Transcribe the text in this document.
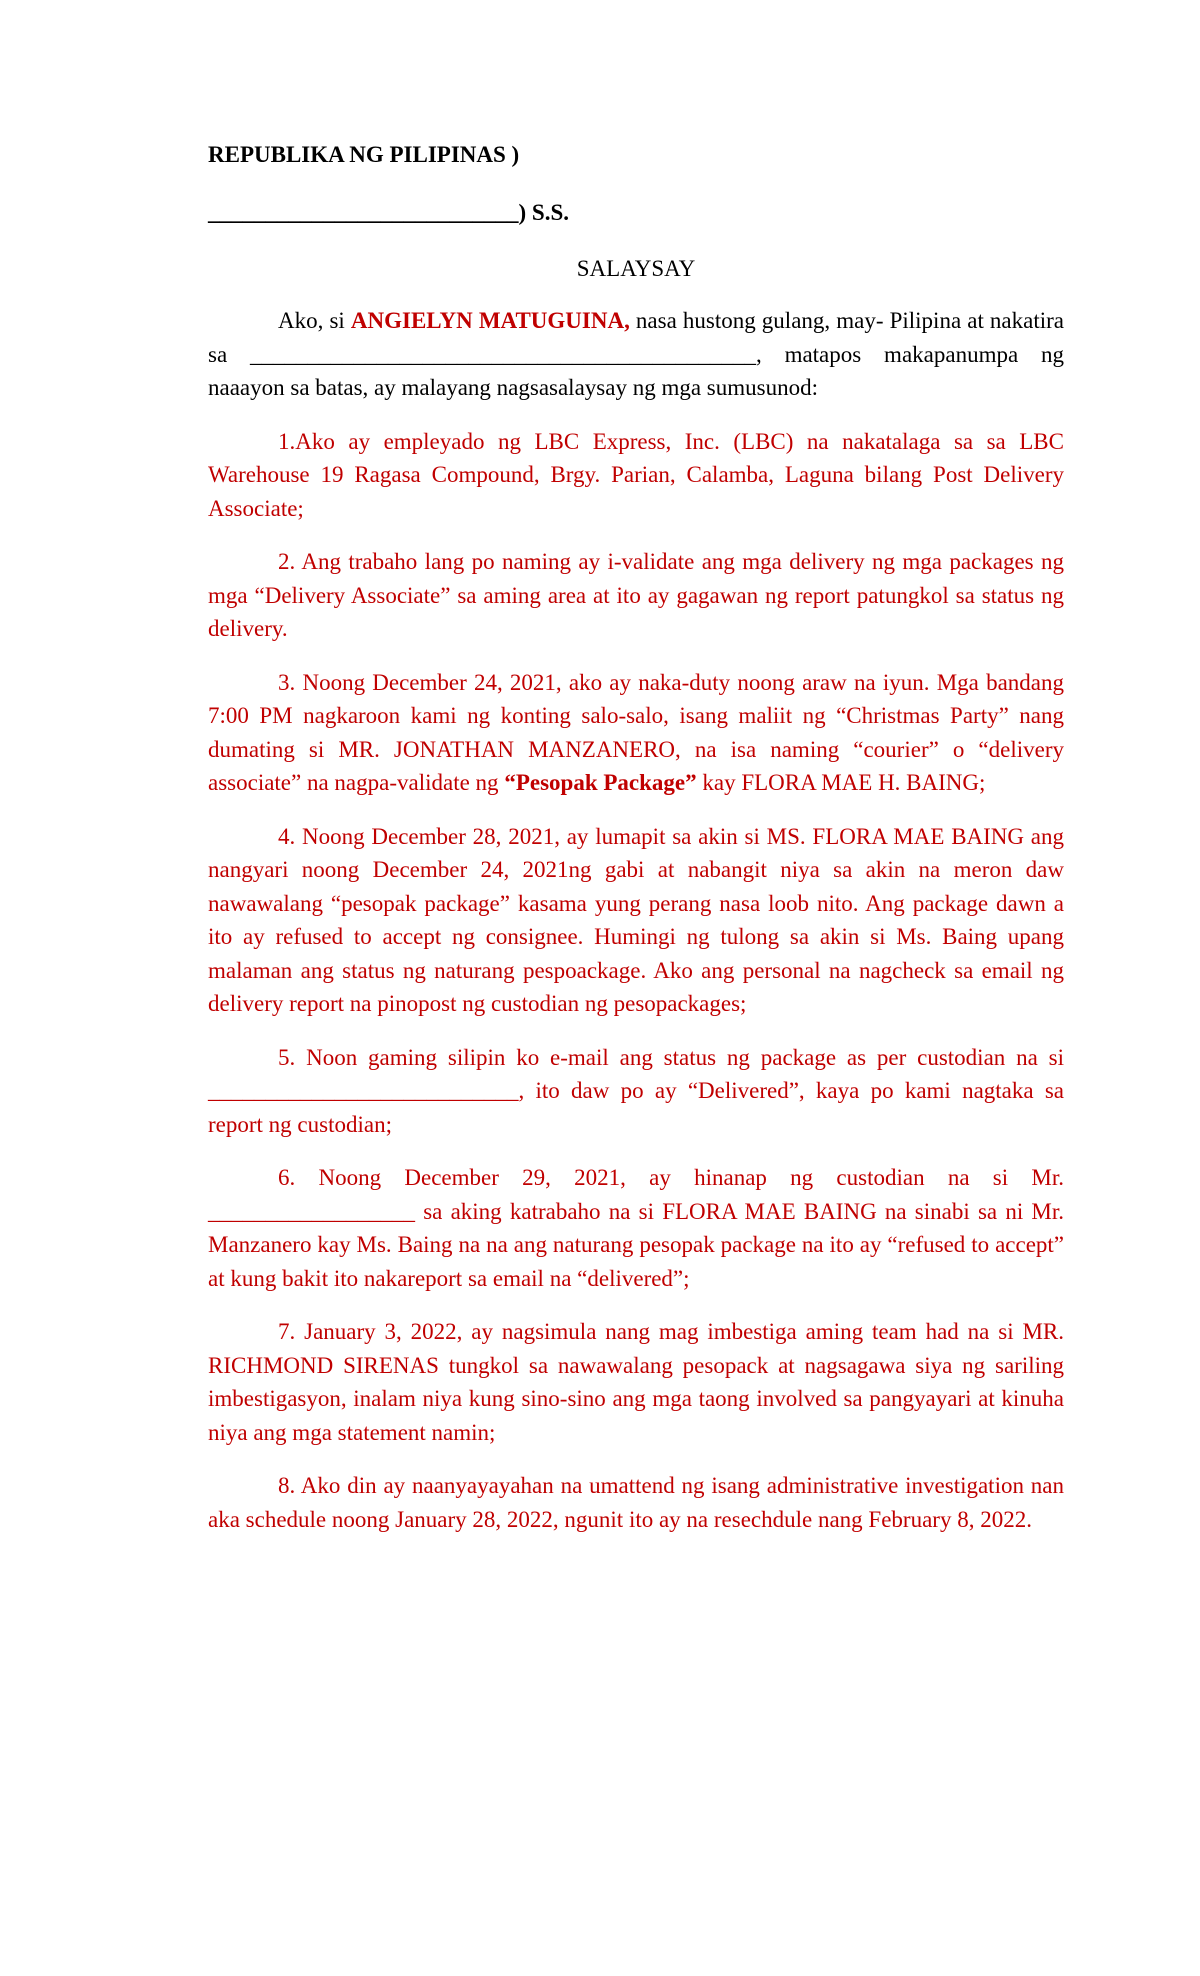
REPUBLIKA NG PILIPINAS )

___________________________) S.S.

SALAYSAY

Ako, si ANGIELYN MATUGUINA, nasa hustong gulang, may- Pilipina at nakatira sa ____________________________________________, matapos makapanumpa ng naaayon sa batas, ay malayang nagsasalaysay ng mga sumusunod:

1.Ako ay empleyado ng LBC Express, Inc. (LBC) na nakatalaga sa sa LBC Warehouse 19 Ragasa Compound, Brgy. Parian, Calamba, Laguna bilang Post Delivery Associate;

2. Ang trabaho lang po naming ay i-validate ang mga delivery ng mga packages ng mga “Delivery Associate” sa aming area at ito ay gagawan ng report patungkol sa status ng delivery.

3. Noong December 24, 2021, ako ay naka-duty noong araw na iyun. Mga bandang 7:00 PM nagkaroon kami ng konting salo-salo, isang maliit ng “Christmas Party” nang dumating si MR. JONATHAN MANZANERO, na isa naming “courier” o “delivery associate” na nagpa-validate ng “Pesopak Package” kay FLORA MAE H. BAING;

4. Noong December 28, 2021, ay lumapit sa akin si MS. FLORA MAE BAING ang nangyari noong December 24, 2021ng gabi at nabangit niya sa akin na meron daw nawawalang “pesopak package” kasama yung perang nasa loob nito. Ang package dawn a ito ay refused to accept ng consignee. Humingi ng tulong sa akin si Ms. Baing upang malaman ang status ng naturang pespoackage. Ako ang personal na nagcheck sa email ng delivery report na pinopost ng custodian ng pesopackages;

5. Noon gaming silipin ko e-mail ang status ng package as per custodian na si ___________________________, ito daw po ay “Delivered”, kaya po kami nagtaka sa report ng custodian;

6. Noong December 29, 2021, ay hinanap ng custodian na si Mr. __________________ sa aking katrabaho na si FLORA MAE BAING na sinabi sa ni Mr. Manzanero kay Ms. Baing na na ang naturang pesopak package na ito ay “refused to accept” at kung bakit ito nakareport sa email na “delivered”;

7. January 3, 2022, ay nagsimula nang mag imbestiga aming team had na si MR. RICHMOND SIRENAS tungkol sa nawawalang pesopack at nagsagawa siya ng sariling imbestigasyon, inalam niya kung sino-sino ang mga taong involved sa pangyayari at kinuha niya ang mga statement namin;

8. Ako din ay naanyayayahan na umattend ng isang administrative investigation nan aka schedule noong January 28, 2022, ngunit ito ay na resechdule nang February 8, 2022.
